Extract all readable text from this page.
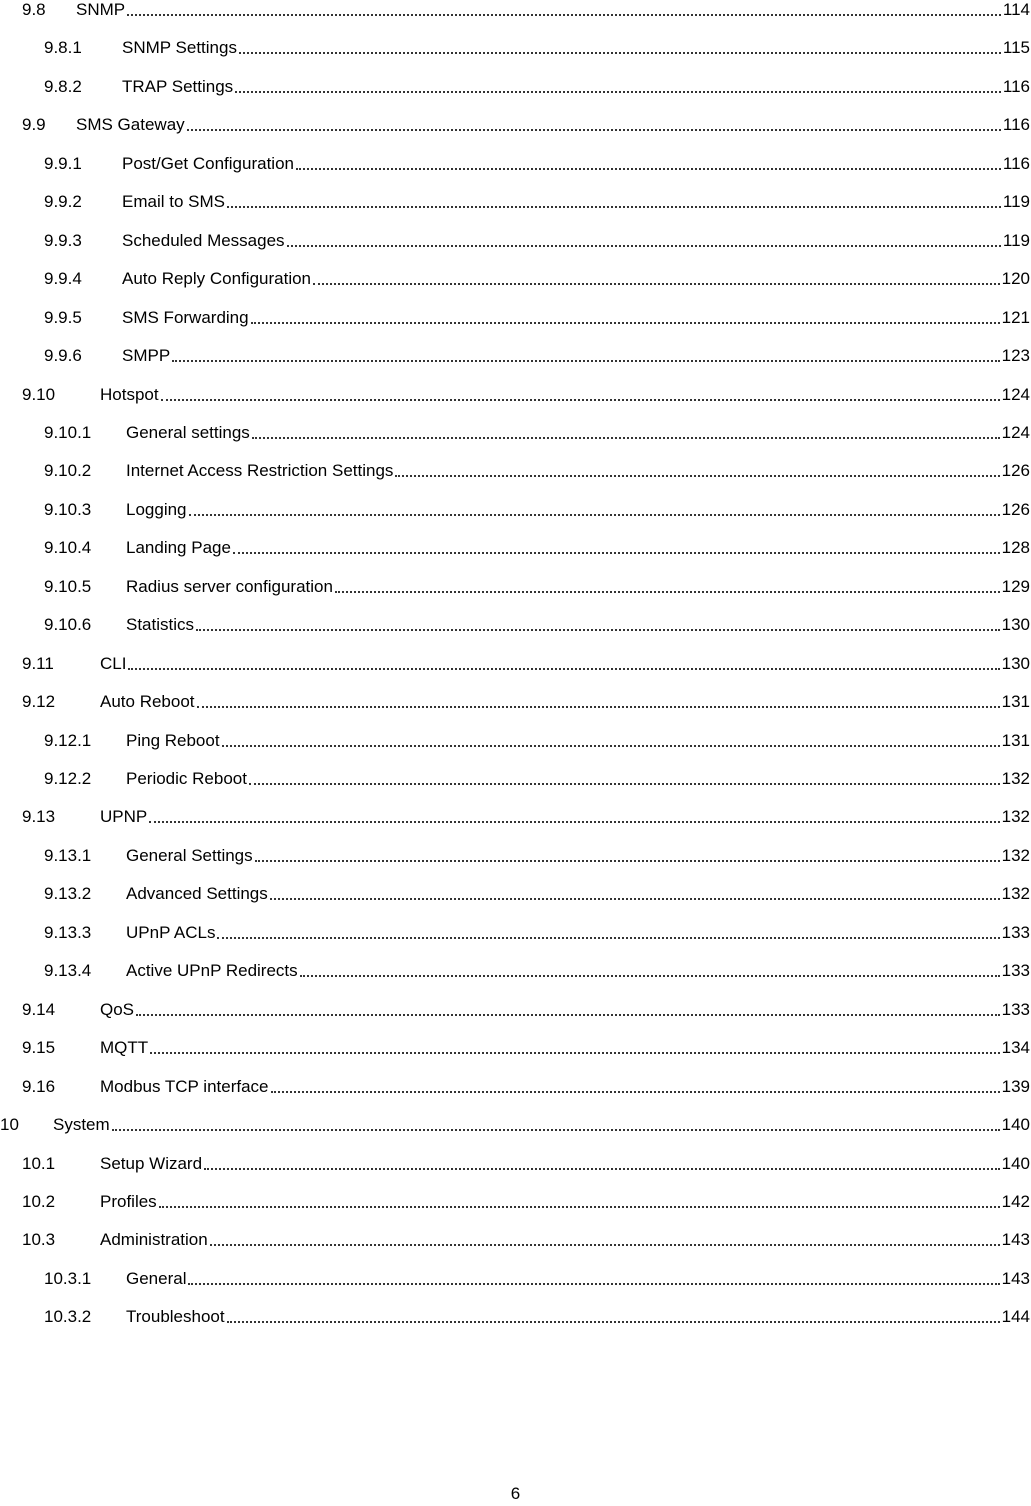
9.8	SNMP	114
9.8.1	SNMP Settings	115
9.8.2	TRAP Settings	116
9.9	SMS Gateway	116
9.9.1	Post/Get Configuration	116
9.9.2	Email to SMS	119
9.9.3	Scheduled Messages	119
9.9.4	Auto Reply Configuration	120
9.9.5	SMS Forwarding	121
9.9.6	SMPP	123
9.10	Hotspot	124
9.10.1	General settings	124
9.10.2	Internet Access Restriction Settings	126
9.10.3	Logging	126
9.10.4	Landing Page	128
9.10.5	Radius server configuration	129
9.10.6	Statistics	130
9.11	CLI	130
9.12	Auto Reboot	131
9.12.1	Ping Reboot	131
9.12.2	Periodic Reboot	132
9.13	UPNP	132
9.13.1	General Settings	132
9.13.2	Advanced Settings	132
9.13.3	UPnP ACLs	133
9.13.4	Active UPnP Redirects	133
9.14	QoS	133
9.15	MQTT	134
9.16	Modbus TCP interface	139
10	System	140
10.1	Setup Wizard	140
10.2	Profiles	142
10.3	Administration	143
10.3.1	General	143
10.3.2	Troubleshoot	144
6
